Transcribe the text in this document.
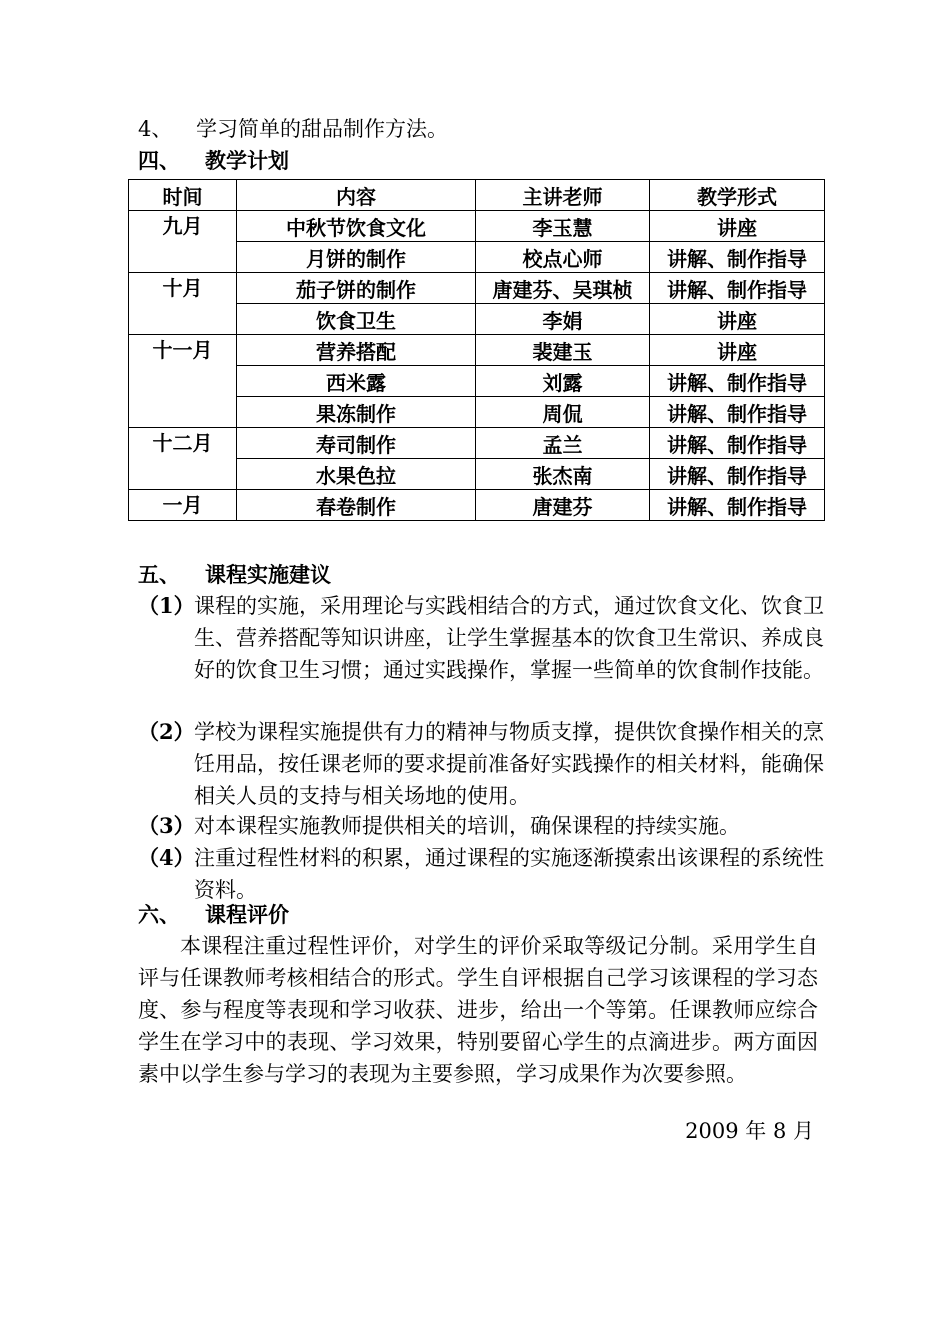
4、 学习简单的甜品制作方法。
四、 教学计划
时间	内容	主讲老师	教学形式
九月	中秋节饮食文化	李玉慧	讲座
	月饼的制作	校点心师	讲解、制作指导
十月	茄子饼的制作	唐建芬、吴琪桢	讲解、制作指导
	饮食卫生	李娟	讲座
十一月	营养搭配	裴建玉	讲座
	西米露	刘露	讲解、制作指导
	果冻制作	周侃	讲解、制作指导
十二月	寿司制作	孟兰	讲解、制作指导
	水果色拉	张杰南	讲解、制作指导
一月	春卷制作	唐建芬	讲解、制作指导
五、 课程实施建议
（1） 课程的实施，采用理论与实践相结合的方式，通过饮食文化、饮食卫生、营养搭配等知识讲座，让学生掌握基本的饮食卫生常识、养成良好的饮食卫生习惯；通过实践操作，掌握一些简单的饮食制作技能。
（2） 学校为课程实施提供有力的精神与物质支撑，提供饮食操作相关的烹饪用品，按任课老师的要求提前准备好实践操作的相关材料，能确保相关人员的支持与相关场地的使用。
（3） 对本课程实施教师提供相关的培训，确保课程的持续实施。
（4） 注重过程性材料的积累，通过课程的实施逐渐摸索出该课程的系统性资料。
六、 课程评价
本课程注重过程性评价，对学生的评价采取等级记分制。采用学生自评与任课教师考核相结合的形式。学生自评根据自己学习该课程的学习态度、参与程度等表现和学习收获、进步，给出一个等第。任课教师应综合学生在学习中的表现、学习效果，特别要留心学生的点滴进步。两方面因素中以学生参与学习的表现为主要参照，学习成果作为次要参照。
2009 年 8 月
